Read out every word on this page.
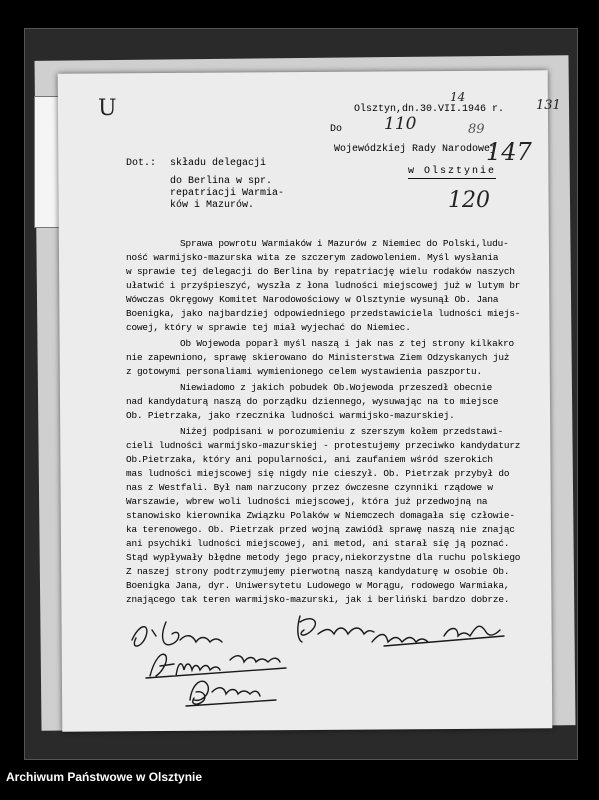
U	Olsztyn,dn.30.VII.1946 r. 131
14
Do 110	89
Wojewódzkiej Rady Narodowej
147
w Olsztynie
120
Dot.: składu delegacji
do Berlina w spr.
repatriacji Warmia-
ków i Mazurów.
Sprawa powrotu Warmiaków i Mazurów z Niemiec do Polski,ludu-
ność warmijsko-mazurska wita ze szczerym zadowoleniem. Myśl wysłania
w sprawie tej delegacji do Berlina by repatriację wielu rodaków naszych
ułatwić i przyśpieszyć, wyszła z łona ludności miejscowej już w lutym br
Wówczas Okręgowy Komitet Narodowościowy w Olsztynie wysunął Ob. Jana
Boenigka, jako najbardziej odpowiedniego przedstawiciela ludności miejs-
cowej, który w sprawie tej miał wyjechać do Niemiec.
Ob Wojewoda poparł myśl naszą i jak nas z tej strony kilkakro
nie zapewniono, sprawę skierowano do Ministerstwa Ziem Odzyskanych już
z gotowymi personaliami wymienionego celem wystawienia paszportu.
Niewiadomo z jakich pobudek Ob.Wojewoda przeszedł obecnie
nad kandydaturą naszą do porządku dziennego, wysuwając na to miejsce
Ob. Pietrzaka, jako rzecznika ludności warmijsko-mazurskiej.
Niżej podpisani w porozumieniu z szerszym kołem przedstawi-
cieli ludności warmijsko-mazurskiej - protestujemy przeciwko kandydaturz
Ob.Pietrzaka, który ani popularności, ani zaufaniem wśród szerokich
mas ludności miejscowej się nigdy nie cieszył. Ob. Pietrzak przybył do
nas z Westfali. Był nam narzucony przez ówczesne czynniki rządowe w
Warszawie, wbrew woli ludności miejscowej, która już przedwojną na
stanowisko kierownika Związku Polaków w Niemczech domagała się człowie-
ka terenowego. Ob. Pietrzak przed wojną zawiódł sprawę naszą nie znając
ani psychiki ludności miejscowej, ani metod, ani starał się ją poznać.
Stąd wypływały błędne metody jego pracy,niekorzystne dla ruchu polskiego
Z naszej strony podtrzymujemy pierwotną naszą kandydaturę w osobie Ob.
Boenigka Jana, dyr. Uniwersytetu Ludowego w Morągu, rodowego Warmiaka,
znającego tak teren warmijsko-mazurski, jak i berliński bardzo dobrze.
Archiwum Państwowe w Olsztynie
